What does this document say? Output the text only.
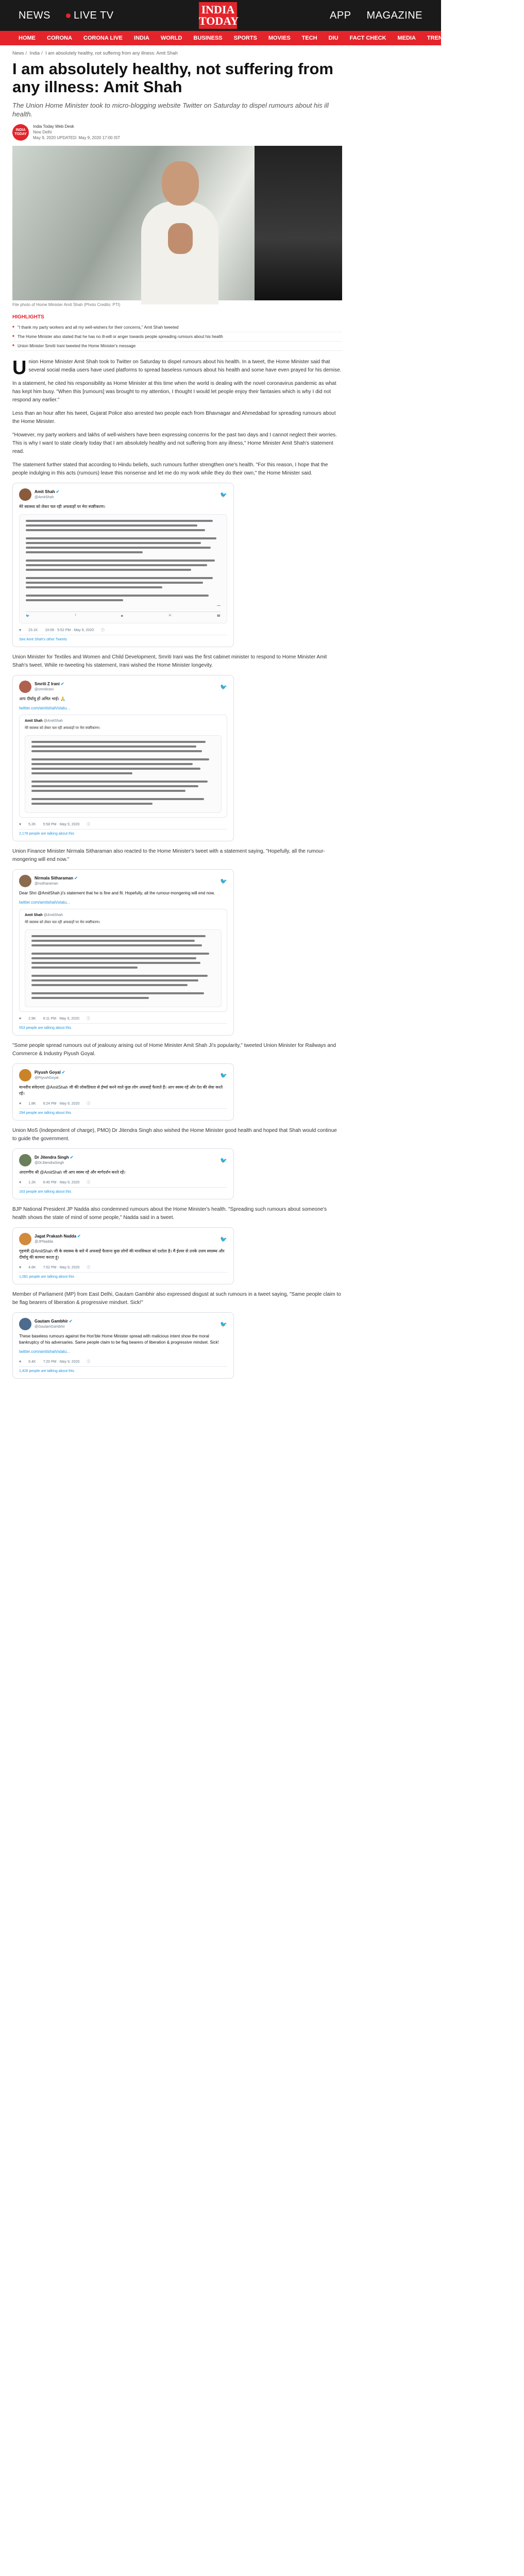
NEWS	LIVE TV	INDIA
TODAY	APP MAGAZINE
HOME CORONA CORONA LIVE INDIA WORLD BUSINESS SPORTS MOVIES TECH DIU FACT CHECK MEDIA TRENDS EDUCATION VIDEO
News / India / I am absolutely healthy, not suffering from any illness: Amit Shah
I am absolutely healthy, not suffering from any illness: Amit Shah

The Union Home Minister took to micro-blogging website Twitter on Saturday to dispel rumours about his ill health.

INDIA TODAY
India Today Web Desk
New Delhi
May 9, 2020 UPDATED: May 9, 2020 17:00 IST

File photo of Home Minister Amit Shah (Photo Credits: PTI)

HIGHLIGHTS
■ "I thank my party workers and all my well-wishers for their concerns," Amit Shah tweeted
■ The Home Minister also stated that he has no ill-will or anger towards people spreading rumours about his health
■ Union Minister Smriti Irani tweeted the Home Minister's message

Union Home Minister Amit Shah took to Twitter on Saturday to dispel rumours about his health. In a tweet, the Home Minister said that several social media users have used platforms to spread baseless rumours about his health and some have even prayed for his demise.

In a statement, he cited his responsibility as Home Minister at this time when the world is dealing with the novel coronavirus pandemic as what has kept him busy. "When this [rumours] was brought to my attention, I thought I would let people enjoy their fantasies which is why I did not respond any earlier."

Less than an hour after his tweet, Gujarat Police also arrested two people each from Bhavnagar and Ahmedabad for spreading rumours about the Home Minister.

"However, my party workers and lakhs of well-wishers have been expressing concerns for the past two days and I cannot neglect their worries. This is why I want to state clearly today that I am absolutely healthy and not suffering from any illness," Home Minister Amit Shah's statement read.

The statement further stated that according to Hindu beliefs, such rumours further strengthen one's health. "For this reason, I hope that the people indulging in this acts (rumours) leave this nonsense and let me do my work while they do their own," the Home Minister said.

Amit Shah ✔
@AmitShah	🐦
मेरे स्वास्थ्य को लेकर चल रही अफवाहों पर मेरा स्पष्टीकरण।
—
🐦	f	▶	in	☎
♥ 23.1K 10:06 · 5:52 PM · May 9, 2020 ⓘ
See Amit Shah's other Tweets

Union Minister for Textiles and Women and Child Development, Smriti Irani was the first cabinet minister to respond to Home Minister Amit Shah's tweet. While re-tweeting his statement, Irani wished the Home Minister longevity.

Smriti Z Irani ✔
@smritiirani	🐦
आप दीर्घायु हों अमित भाई। 🙏
twitter.com/amitshah/statu...
Amit Shah @AmitShah
मेरे स्वास्थ्य को लेकर चल रही अफवाहों पर मेरा स्पष्टीकरण।
♥ 5.2K 5:58 PM · May 9, 2020 ⓘ
2,178 people are talking about this

Union Finance Minister Nirmala Sitharaman also reacted to the Home Minister's tweet with a statement saying, "Hopefully, all the rumour-mongering will end now."

Nirmala Sitharaman ✔
@nsitharaman	🐦
Dear Shri @AmitShah ji's statement that he is fine and fit. Hopefully, all the rumour-mongering will end now.
twitter.com/amitshah/statu...
Amit Shah @AmitShah
मेरे स्वास्थ्य को लेकर चल रही अफवाहों पर मेरा स्पष्टीकरण।
♥ 2.9K 6:11 PM · May 9, 2020 ⓘ
553 people are talking about this

"Some people spread rumours out of jealousy arising out of Home Minister Amit Shah Ji's popularity," tweeted Union Minister for Railways and Commerce & Industry Piyush Goyal.

Piyush Goyal ✔
@PiyushGoyal	🐦
मानवीय संवेदनाएं @AmitShah जी की लोकप्रियता से ईर्ष्या करने वाले कुछ लोग अफवाहें फैलाते हैं। आप स्वस्थ रहें और देश की सेवा करते रहें।
♥ 1.8K 6:24 PM · May 9, 2020 ⓘ
294 people are talking about this

Union MoS (Independent of charge), PMO) Dr Jitendra Singh also wished the Home Minister good health and hoped that Shah would continue to guide the government.

Dr Jitendra Singh ✔
@DrJitendraSingh	🐦
आदरणीय श्री @AmitShah जी आप स्वस्थ रहें और मार्गदर्शन करते रहें।
♥ 1.2K 6:40 PM · May 9, 2020 ⓘ
163 people are talking about this

BJP National President JP Nadda also condemned rumours about the Home Minister's health. "Spreading such rumours about someone's health shows the state of mind of some people," Nadda said in a tweet.

Jagat Prakash Nadda ✔
@JPNadda	🐦
गृहमंत्री @AmitShah जी के स्वास्थ्य के बारे में अफवाहें फैलाना कुछ लोगों की मानसिकता को दर्शाता है। मैं ईश्वर से उनके उत्तम स्वास्थ्य और दीर्घायु की कामना करता हूं।
♥ 4.6K 7:02 PM · May 9, 2020 ⓘ
1,081 people are talking about this

Member of Parliament (MP) from East Delhi, Gautam Gambhir also expressed disgust at such rumours in a tweet saying, "Same people claim to be flag bearers of liberation & progressive mindset. Sick!"

Gautam Gambhir ✔
@GautamGambhir	🐦
These baseless rumours against the Hon'ble Home Minister spread with malicious intent show the moral bankruptcy of his adversaries. Same people claim to be flag bearers of liberation & progressive mindset. Sick!
twitter.com/amitshah/statu...
♥ 9.4K 7:20 PM · May 9, 2020 ⓘ
1,426 people are talking about this
